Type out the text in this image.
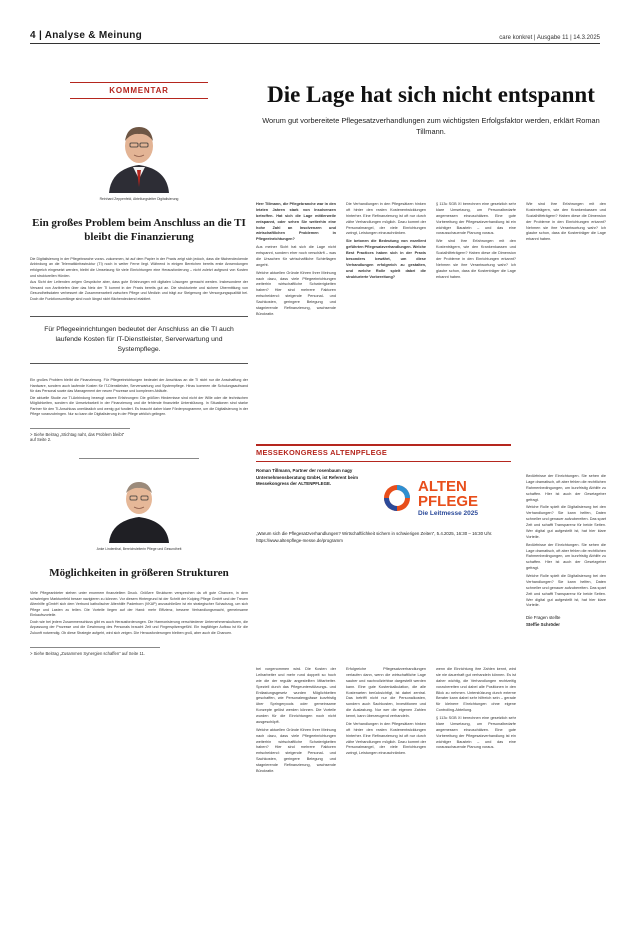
4 | Analyse & Meinung	care konkret | Ausgabe 11 | 14.3.2025
KOMMENTAR
Reinhard Zeppenfeld, Abteilungsleiter Digitalisierung
Ein großes Problem beim Anschluss an die TI bleibt die Finanzierung

Die Digitalisierung in der Pflegebranche voran- zukommen, ist auf dem Papier in der Praxis zeigt sich jedoch, dass die flächendeckende Anbindung an die Telematikinfrastruktur (TI) noch in weiter Ferne liegt. Während in einigen Bereichen bereits erste Anwendungen erfolgreich eingesetzt werden, bleibt die Umsetzung für viele Einrichtungen eine Herausforderung – nicht zuletzt aufgrund von Kosten und strukturellen Hürden.

Aus Sicht der Leitenden zeigen Gespräche aber, dass gute Erfahrungen mit digitalen Lösungen gemacht werden. Insbesondere der Versand von Arztbriefen über das Netz der TI kommt in der Praxis bereits gut an. Die strukturierte und sichere Übermittlung von Gesundheitsdaten verbessert die Zusammenarbeit zwischen Pflege und Medizin und trägt zur Steigerung der Versorgungsqualität bei. Doch die Funktionsumfänge sind noch längst nicht flächendeckend etabliert.

Für Pflegeeinrichtungen bedeutet der Anschluss an die TI auch laufende Kosten für IT-Dienstleister, Serverwartung und Systempflege.

Ein großes Problem bleibt die Finanzierung. Für Pflegeeinrichtungen bedeutet der Anschluss an die TI nicht nur die Anschaffung der Hardware, sondern auch laufende Kosten für IT-Dienstleister, Serverwartung und Systempflege. Hinzu kommen die Schulungsaufwand für das Personal sowie das Management der neuen Prozesse und komplexen Abläufe.

Die aktuelle Studie zur TI-Anbindung bezeugt unsere Erfahrungen: Die größten Hindernisse sind nicht der Wille oder die technischen Möglichkeiten, sondern die Umsetzbarkeit in der Finanzierung und die fehlende finanzielle Unterstützung. In Situationen sind starke Partner für den TI-Anschluss unerlässlich und wenig gut fundiert. Es braucht daher klare Förderprogramme, um die Digitalisierung in der Pflege voranzubringen. Nur so kann die Digitalisierung in der Pflege wirklich gelingen.

> Siehe Beitrag „Stichtag naht, das Problem bleibt“ auf Seite 2.
Anke Lindenthal, Bereichsleiterin Pflege und Gesundheit
Möglichkeiten in größeren Strukturen

Viele Pflegeanbieter stehen unter enormem finanziellem Druck. Größere Strukturen versprechen da oft gute Chancen, in dem schwierigen Marktumfeld besser navigieren zu können. Vor diesem Hintergrund ist der Schritt der Kolping Pflege GmbH und der Treuen Altenhilfe gGmbH sich dem Verbund katholischer Altenhilfe Paderborn (VKAP) anzuschließen ist ein strategischer Schachzug, um sich Pflege und Lasten zu teilen. Die Vorteile liegen auf der Hand: mehr Effizienz, bessere Verhandlungsmacht, gemeinsame Einkaufsvorteile.

Doch wie bei jedem Zusammenschluss gibt es auch Herausforderungen. Die Harmonisierung verschiedener Unternehmenskulturen, die Anpassung der Prozesse und die Gewinnung des Personals braucht Zeit und Fingerspitzengefühl. Ein tragfähiger Aufbau ist für die Zukunft notwendig. Ob diese Strategie aufgeht, wird sich zeigen. Die Herausforderungen bleiben groß, aber auch die Chancen.

> Siehe Beitrag „Zusammen Synergien schaffen“ auf Seite 11.
Die Lage hat sich nicht entspannt
Worum gut vorbereitete Pflegesatzverhandlungen zum wichtigsten Erfolgsfaktor werden, erklärt Roman Tillmann.

Herr Tillmann, die Pflegebranche war in den letzten Jahren stark von Insolvenzen betroffen. Hat sich die Lage mittlerweile entspannt, oder sehen Sie weiterhin eine hohe Zahl an Insolvenzen und wirtschaftlichen Problemen in Pflegeeinrichtungen?

Aus meiner Sicht hat sich die Lage nicht entspannt, sondern eher noch verschärft – was die Ursachen für wirtschaftliche Schieflagen angeht.

Welche aktuellen Gründe führen Ihrer Meinung nach dazu, dass viele Pflegeeinrichtungen weiterhin wirtschaftliche Schwierigkeiten haben? Hier sind mehrere Faktoren entscheidend: steigende Personal- und Sachkosten, geringere Belegung und stagnierende Refinanzierung, wachsende Bürokratie.

Die Verhandlungen in den Pflegesätzen hinken oft hinter den realen Kostenentwicklungen hinterher. Eine Refinanzierung ist oft nur durch zähe Verhandlungen möglich. Dazu kommt der Personalmangel, der viele Einrichtungen zwingt, Leistungen einzuschränken.

Sie betonen die Bedeutung von exzellent geführten Pflegesatzverhandlungen. Welche Best Practices haben sich in der Praxis besonders bewährt, um diese Verhandlungen erfolgreich zu gestalten, und welche Rolle spielt dabei die strukturierte Vorbereitung?

§ 113c SGB XI berechnen eine gesetzlich sehr klare Umsetzung, um Personalbedarfe angemessen einzuschätzen. Eine gute Vorbereitung der Pflegesatzverhandlung ist ein wichtiger Baustein – und das eine vorausschauende Planung voraus.

Wie sind Ihre Erfahrungen mit den Kostenträgern, wie den Krankenkassen und Sozialhilfeträgern? Haben diese die Dimension der Probleme in den Einrichtungen erkannt? Nehmen sie ihre Verantwortung wahr? Ich glaube schon, dass die Kostenträger die Lage erkannt haben.

Wie sind Ihre Erfahrungen mit den Kostenträgern, wie den Krankenkassen und Sozialhilfeträgern? Haben diese die Dimension der Probleme in den Einrichtungen erkannt? Nehmen sie ihre Verantwortung wahr? Ich glaube schon, dass die Kostenträger die Lage erkannt haben.

MESSEKONGRESS ALTENPFLEGE
Roman Tillmann, Partner der rosenbaum nagy Unternehmensberatung GmbH, ist Referent beim Messekongress der ALTENPFLEGE.	ALTEN
PFLEGE
Die Leitmesse 2025
„Warum sich die Pflegesatzverhandlungen? Wirtschaftlichkeit sichern in schwierigen Zeiten“, 5.4.2025, 16:30 – 16:30 Uhr. https://www.altenpflege-messe.de/programm

Bedürfnisse der Einrichtungen. Sie sehen die Lage dramatisch, oft aber fehlen die rechtlichen Rahmenbedingungen, um kurzfristig Abhilfe zu schaffen. Hier ist auch der Gesetzgeber gefragt.

Welche Rolle spielt die Digitalisierung bei den Verhandlungen? Sie kann helfen, Daten schneller und genauer aufzubereiten. Das spart Zeit und schafft Transparenz für beide Seiten. Wer digital gut aufgestellt ist, hat hier klare Vorteile.

Bedürfnisse der Einrichtungen. Sie sehen die Lage dramatisch, oft aber fehlen die rechtlichen Rahmenbedingungen, um kurzfristig Abhilfe zu schaffen. Hier ist auch der Gesetzgeber gefragt.

Welche Rolle spielt die Digitalisierung bei den Verhandlungen? Sie kann helfen, Daten schneller und genauer aufzubereiten. Das spart Zeit und schafft Transparenz für beide Seiten. Wer digital gut aufgestellt ist, hat hier klare Vorteile.

Die Fragen stellte
Steffie Schröder

bei vorgenommen wird. Die Kosten der Leiharbeiter und mehr rund doppelt so hoch wie die der regulär angestellten Mitarbeiter. Speziell durch das Pflegeunterstützungs- und Entlastungsgesetz wurden Möglichkeiten geschaffen, wie Personalengpässe kurzfristig über Springerpools oder gemeinsame Konzepte gelöst werden können. Die Vorteile wurden für die Einrichtungen noch nicht ausgeschöpft.

Welche aktuellen Gründe führen Ihrer Meinung nach dazu, dass viele Pflegeeinrichtungen weiterhin wirtschaftliche Schwierigkeiten haben? Hier sind mehrere Faktoren entscheidend: steigende Personal- und Sachkosten, geringere Belegung und stagnierende Refinanzierung, wachsende Bürokratie.

Erfolgreiche Pflegesatzverhandlungen verlaufen dann, wenn die wirtschaftliche Lage sauber und nachvollziehbar dargestellt werden kann. Eine gute Kostenkalkulation, die alle Kostenarten berücksichtigt, ist dabei zentral. Das betrifft nicht nur die Personalkosten, sondern auch Sachkosten, Investitionen und die Auslastung. Nur wer die eigenen Zahlen kennt, kann überzeugend verhandeln.

Die Verhandlungen in den Pflegesätzen hinken oft hinter den realen Kostenentwicklungen hinterher. Eine Refinanzierung ist oft nur durch zähe Verhandlungen möglich. Dazu kommt der Personalmangel, der viele Einrichtungen zwingt, Leistungen einzuschränken.

wenn die Einrichtung ihre Zahlen kennt, wird sie nie dauerhaft gut verhandeln können. Es ist daher wichtig, die Verhandlungen rechtzeitig vorzubereiten und dabei alle Positionen in den Blick zu nehmen. Unterstützung durch externe Berater kann dabei sehr hilfreich sein – gerade für kleinere Einrichtungen ohne eigene Controlling-Abteilung.

§ 113c SGB XI berechnen eine gesetzlich sehr klare Umsetzung, um Personalbedarfe angemessen einzuschätzen. Eine gute Vorbereitung der Pflegesatzverhandlung ist ein wichtiger Baustein – und das eine vorausschauende Planung voraus.
